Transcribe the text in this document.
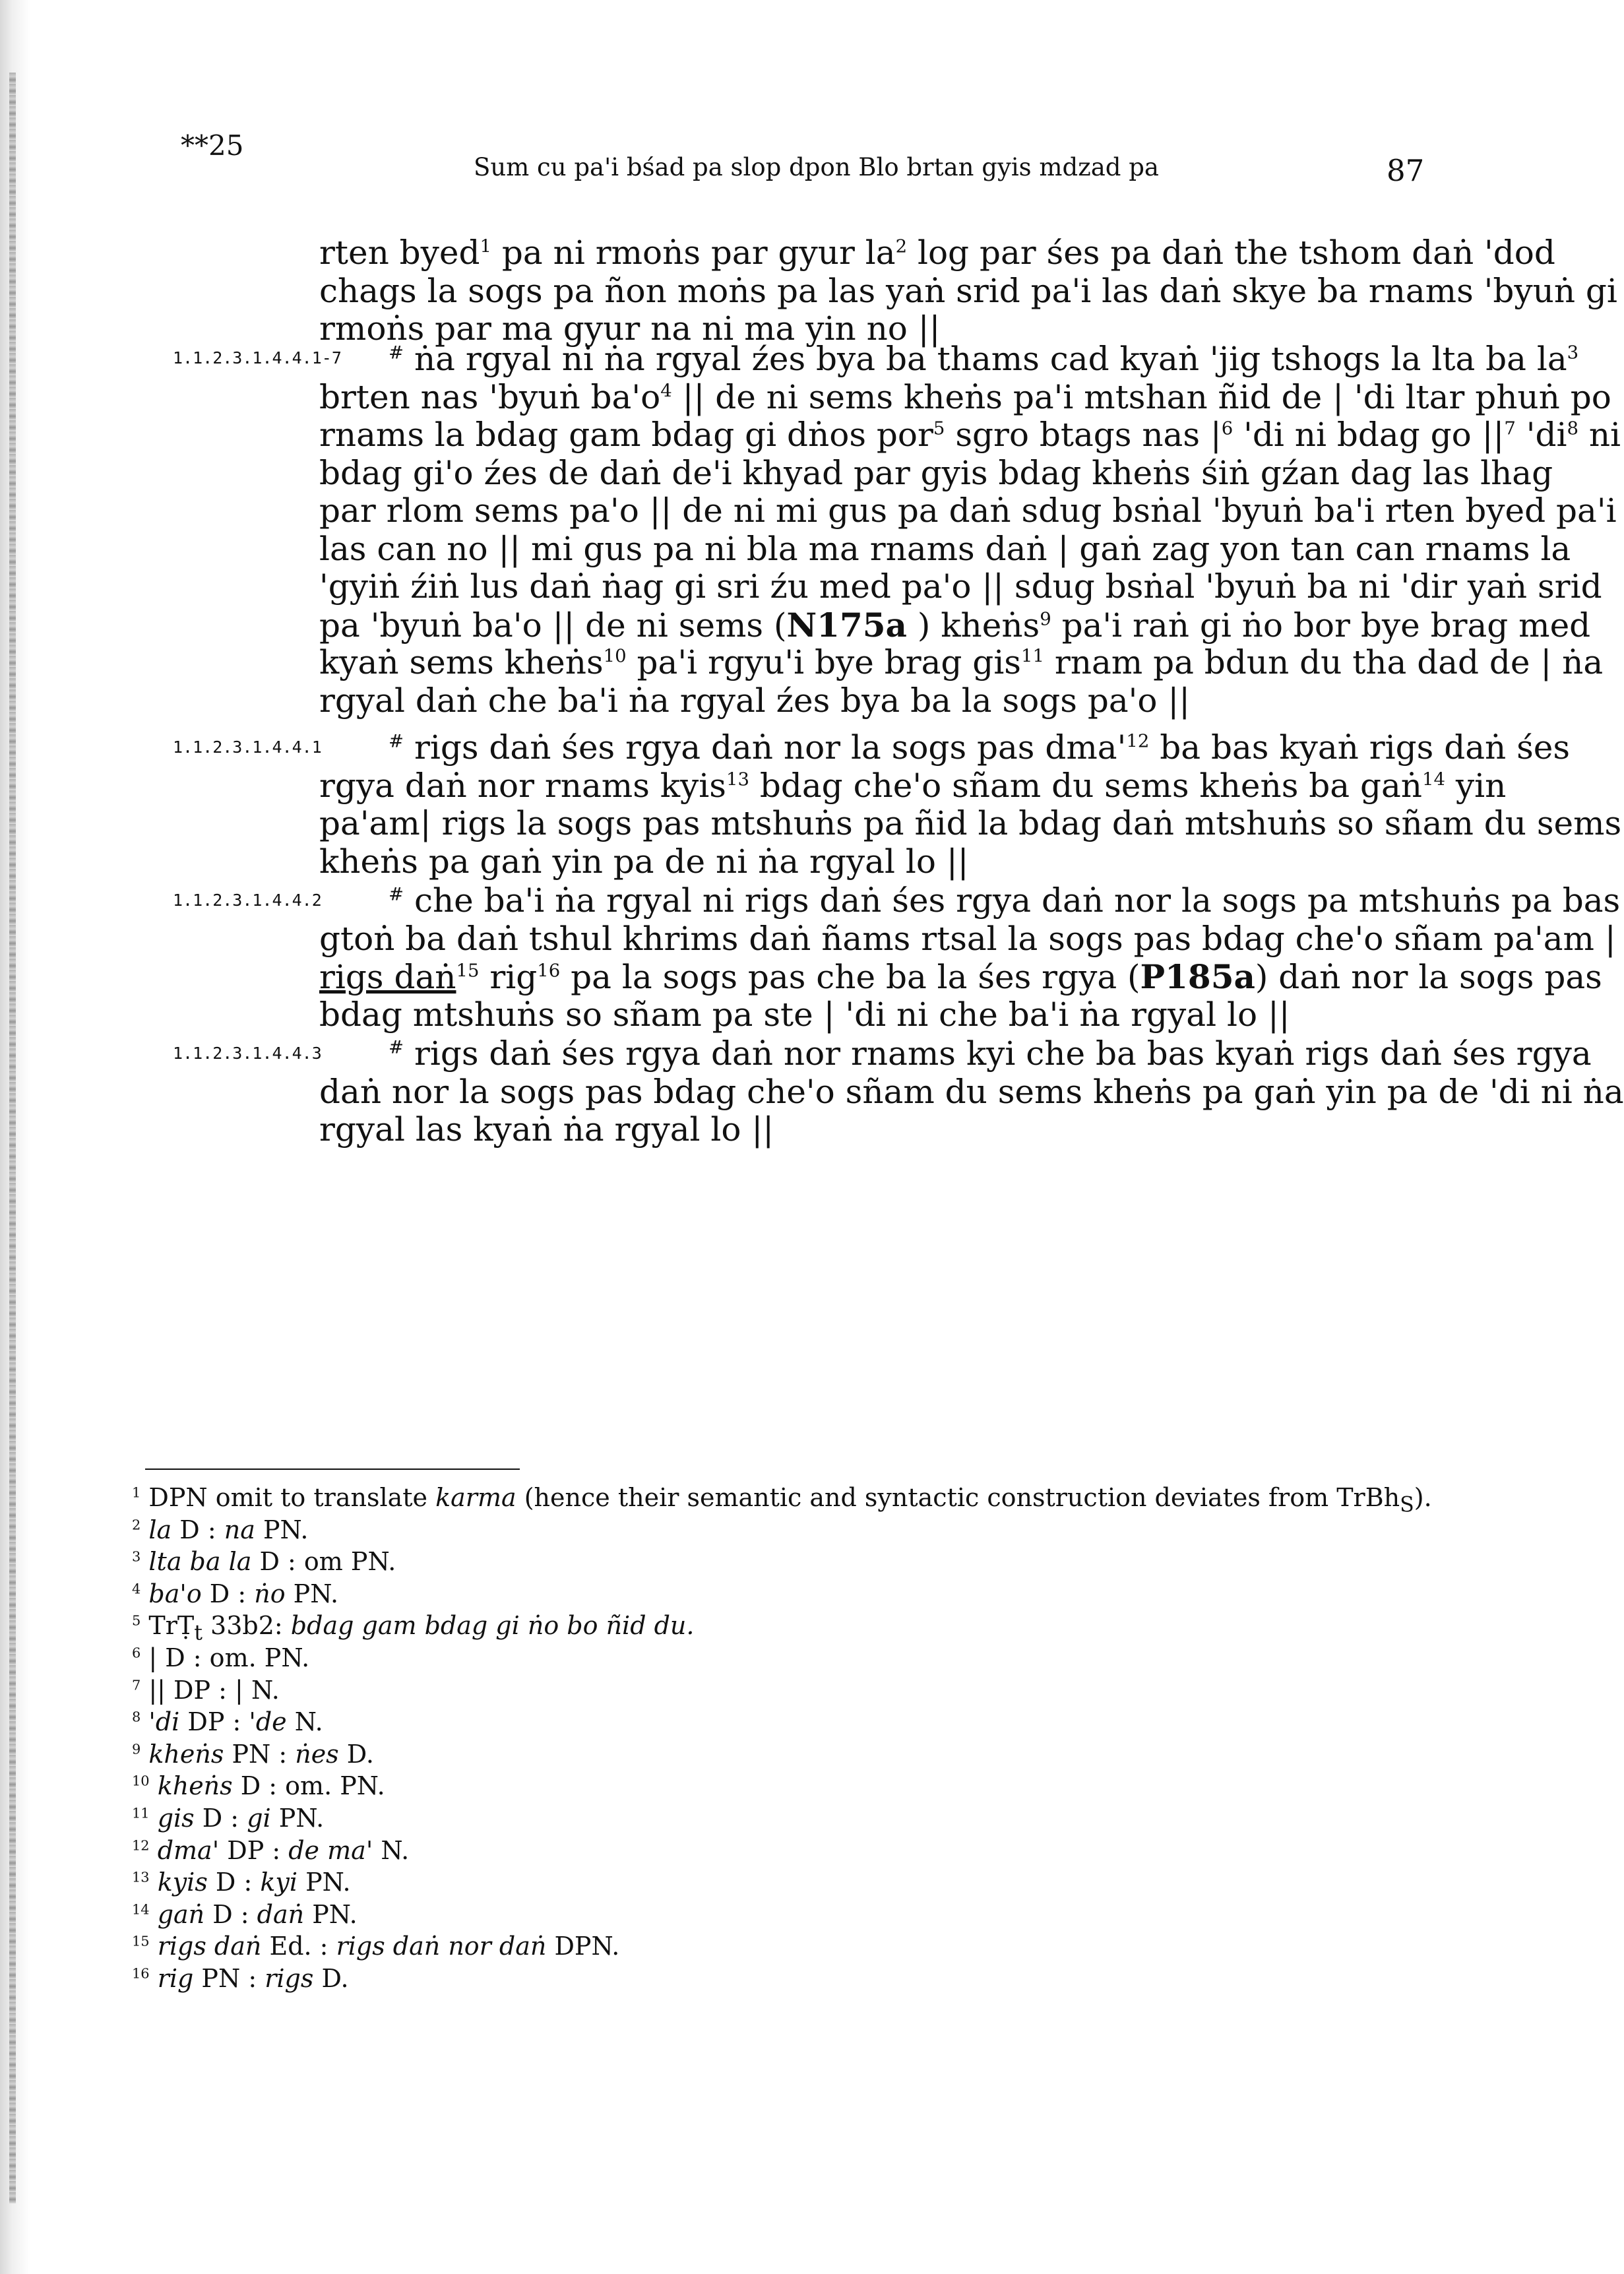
**25
Sum cu pa'i bśad pa slop dpon Blo brtan gyis mdzad pa	87
rten byed$^1$ pa ni rmoṅs par gyur $la^2$ log par śes pa daṅ the tshom daṅ 'dod
chags la sogs pa ñon moṅs pa las yaṅ srid pa'i las daṅ skye ba rnams 'byuṅ gi
rmoṅs par ma gyur na ni ma yin no ||
1.1.2.3.1.4.4.1-7	# ṅa rgyal ni ṅa rgyal źes bya ba thams cad kyaṅ 'jig tshogs la lta ba $la^3$
brten nas 'byuṅ $ba'o^4$ || de ni sems kheṅs pa'i mtshan ñid de | 'di ltar phuṅ po
rnams la bdag gam bdag gi dṅos por$^5$ sgro btags nas $|^6$ 'di ni bdag go $||^7$ '$di^8$ ni
bdag gi'o źes de daṅ de'i khyad par gyis bdag kheṅs śiṅ gźan dag las lhag
par rlom sems pa'o || de ni mi gus pa daṅ sdug bsṅal 'byuṅ ba'i rten byed pa'i
las can no || mi gus pa ni bla ma rnams daṅ | gaṅ zag yon tan can rnams la
'gyiṅ źiṅ lus daṅ ṅag gi sri źu med pa'o || sdug bsṅal 'byuṅ ba ni 'dir yaṅ srid
pa 'byuṅ ba'o || de ni sems (N175a ) kheṅs$^9$ pa'i raṅ gi ṅo bor bye brag med
kyaṅ sems kheṅs$^{10}$ pa'i rgyu'i bye brag gis$^{11}$ rnam pa bdun du tha dad de | ṅa
rgyal daṅ che ba'i ṅa rgyal źes bya ba la sogs pa'o ||
1.1.2.3.1.4.4.1	# rigs daṅ śes rgya daṅ nor la sogs pas $dma'^{12}$ ba bas kyaṅ rigs daṅ śes
rgya daṅ nor rnams kyis$^{13}$ bdag che'o sñam du sems kheṅs ba gaṅ$^{14}$ yin
pa'am| rigs la sogs pas mtshuṅs pa ñid la bdag daṅ mtshuṅs so sñam du sems
kheṅs pa gaṅ yin pa de ni ṅa rgyal lo ||
1.1.2.3.1.4.4.2	# che ba'i ṅa rgyal ni rigs daṅ śes rgya daṅ nor la sogs pa mtshuṅs pa bas
gtoṅ ba daṅ tshul khrims daṅ ñams rtsal la sogs pas bdag che'o sñam pa'am |
rigs daṅ$^{15}$ rig$^{16}$ pa la sogs pas che ba la śes rgya (P185a) daṅ nor la sogs pas
bdag mtshuṅs so sñam pa ste | 'di ni che ba'i ṅa rgyal lo ||
1.1.2.3.1.4.4.3	# rigs daṅ śes rgya daṅ nor rnams kyi che ba bas kyaṅ rigs daṅ śes rgya
daṅ nor la sogs pas bdag che'o sñam du sems kheṅs pa gaṅ yin pa de 'di ni ṅa
rgyal las kyaṅ ṅa rgyal lo ||
$^1$ DPN omit to translate karma (hence their semantic and syntactic construction deviates from TrBh$_S$).
$^2$ la D : na PN.
$^3$ lta ba la D : om PN.
$^4$ ba'o D : ṅo PN.
$^5$ TrṬ$_t$ 33b2: bdag gam bdag gi ṅo bo ñid du.
$^6$ | D : om. PN.
$^7$ || DP : | N.
$^8$ 'di DP : 'de N.
$^9$ kheṅs PN : ṅes D.
$^{10}$ kheṅs D : om. PN.
$^{11}$ gis D : gi PN.
$^{12}$ dma' DP : de ma' N.
$^{13}$ kyis D : kyi PN.
$^{14}$ gaṅ D : daṅ PN.
$^{15}$ rigs daṅ Ed. : rigs daṅ nor daṅ DPN.
$^{16}$ rig PN : rigs D.
